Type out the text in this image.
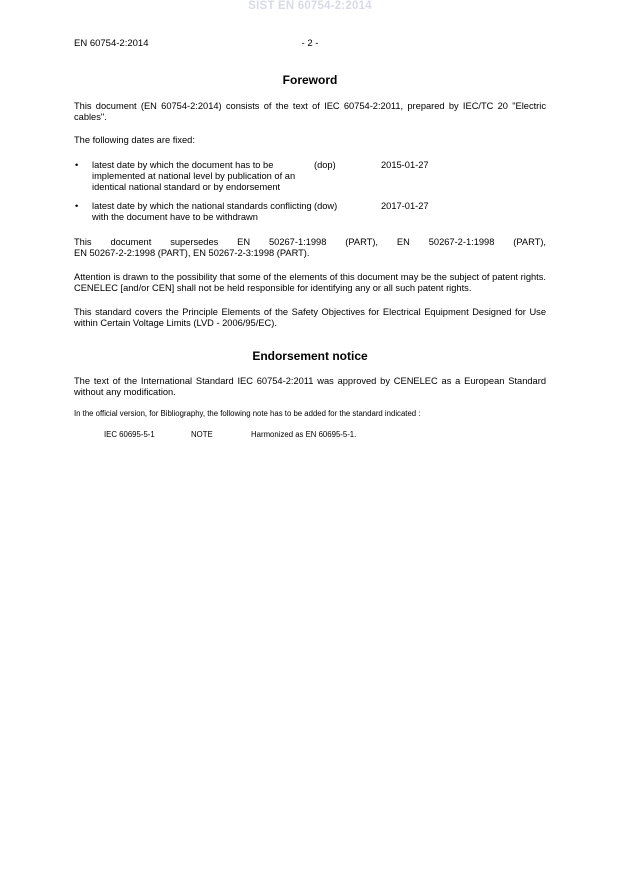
SIST EN 60754-2:2014
EN 60754-2:2014	- 2 -
Foreword

This document (EN 60754-2:2014) consists of the text of IEC 60754-2:2011, prepared by IEC/TC 20 "Electric cables".

The following dates are fixed:

•	latest date by which the document has to be implemented at national level by publication of an identical national standard or by endorsement	(dop)	2015-01-27

•	latest date by which the national standards conflicting with the document have to be withdrawn	(dow)	2017-01-27

This document supersedes EN 50267-1:1998 (PART), EN 50267-2-1:1998 (PART),

EN 50267-2-2:1998 (PART), EN 50267-2-3:1998 (PART).

Attention is drawn to the possibility that some of the elements of this document may be the subject of patent rights. CENELEC [and/or CEN] shall not be held responsible for identifying any or all such patent rights.

This standard covers the Principle Elements of the Safety Objectives for Electrical Equipment Designed for Use within Certain Voltage Limits (LVD - 2006/95/EC).

Endorsement notice

The text of the International Standard IEC 60754-2:2011 was approved by CENELEC as a European Standard without any modification.

In the official version, for Bibliography, the following note has to be added for the standard indicated :

IEC 60695-5-1	NOTE	Harmonized as EN 60695-5-1.
